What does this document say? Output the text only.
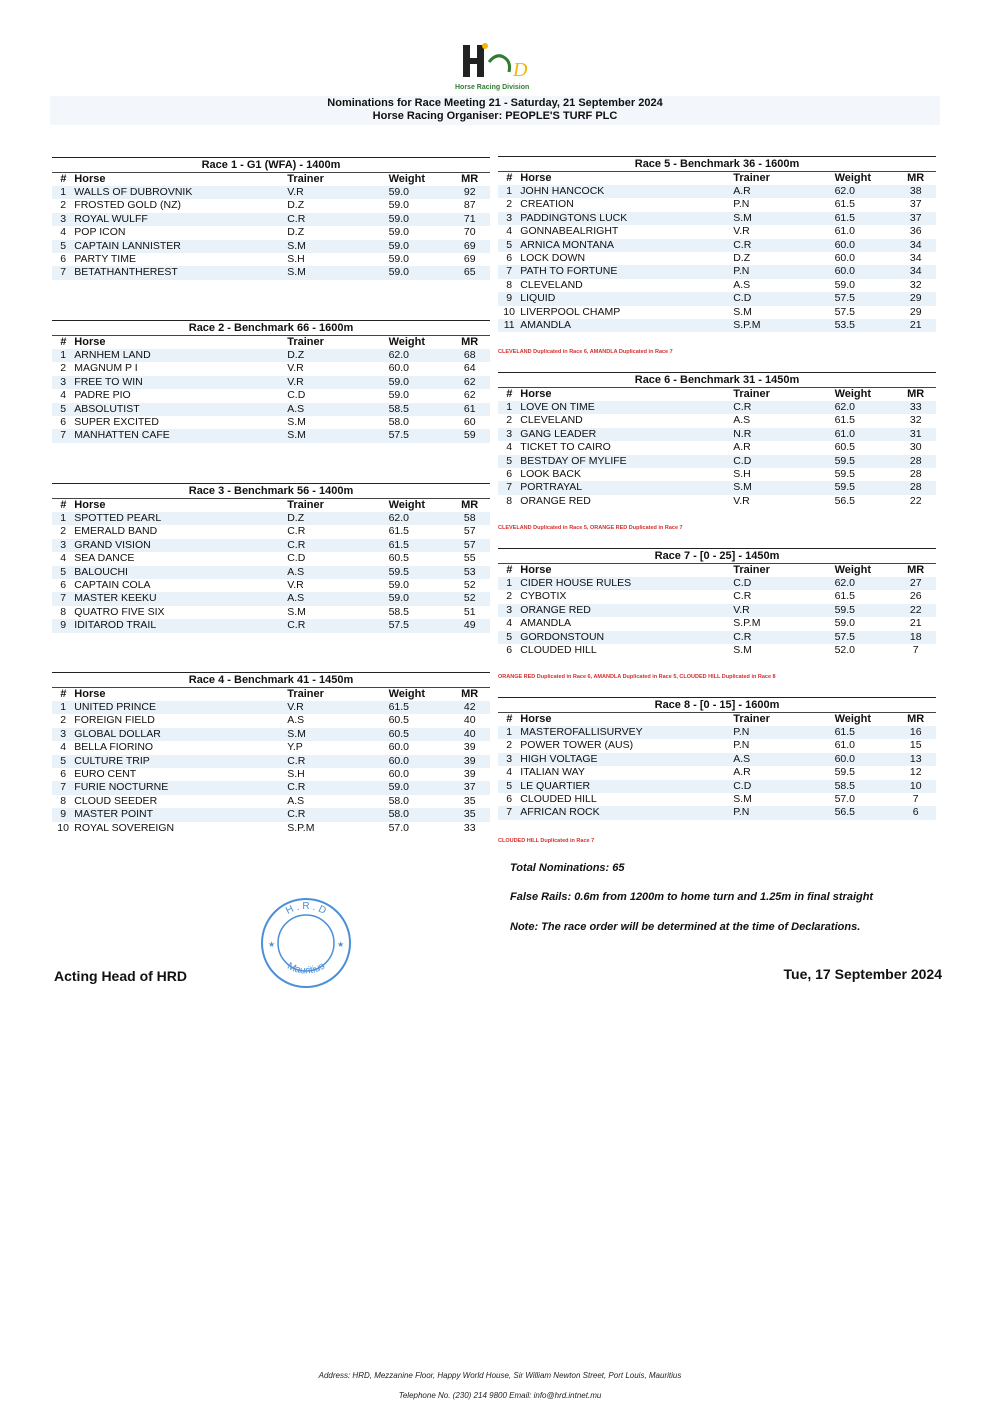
D
Horse Racing Division
Nominations for Race Meeting 21 - Saturday, 21 September 2024
Horse Racing Organiser: PEOPLE'S TURF PLC
Race 1 - G1 (WFA) - 1400m
#	Horse	Trainer	Weight	MR
1	WALLS OF DUBROVNIK	V.R	59.0	92
2	FROSTED GOLD (NZ)	D.Z	59.0	87
3	ROYAL WULFF	C.R	59.0	71
4	POP ICON	D.Z	59.0	70
5	CAPTAIN LANNISTER	S.M	59.0	69
6	PARTY TIME	S.H	59.0	69
7	BETATHANTHEREST	S.M	59.0	65
Race 2 - Benchmark 66 - 1600m
#	Horse	Trainer	Weight	MR
1	ARNHEM LAND	D.Z	62.0	68
2	MAGNUM P I	V.R	60.0	64
3	FREE TO WIN	V.R	59.0	62
4	PADRE PIO	C.D	59.0	62
5	ABSOLUTIST	A.S	58.5	61
6	SUPER EXCITED	S.M	58.0	60
7	MANHATTEN CAFE	S.M	57.5	59
Race 3 - Benchmark 56 - 1400m
#	Horse	Trainer	Weight	MR
1	SPOTTED PEARL	D.Z	62.0	58
2	EMERALD BAND	C.R	61.5	57
3	GRAND VISION	C.R	61.5	57
4	SEA DANCE	C.D	60.5	55
5	BALOUCHI	A.S	59.5	53
6	CAPTAIN COLA	V.R	59.0	52
7	MASTER KEEKU	A.S	59.0	52
8	QUATRO FIVE SIX	S.M	58.5	51
9	IDITAROD TRAIL	C.R	57.5	49
Race 4 - Benchmark 41 - 1450m
#	Horse	Trainer	Weight	MR
1	UNITED PRINCE	V.R	61.5	42
2	FOREIGN FIELD	A.S	60.5	40
3	GLOBAL DOLLAR	S.M	60.5	40
4	BELLA FIORINO	Y.P	60.0	39
5	CULTURE TRIP	C.R	60.0	39
6	EURO CENT	S.H	60.0	39
7	FURIE NOCTURNE	C.R	59.0	37
8	CLOUD SEEDER	A.S	58.0	35
9	MASTER POINT	C.R	58.0	35
10	ROYAL SOVEREIGN	S.P.M	57.0	33
Race 5 - Benchmark 36 - 1600m
#	Horse	Trainer	Weight	MR
1	JOHN HANCOCK	A.R	62.0	38
2	CREATION	P.N	61.5	37
3	PADDINGTONS LUCK	S.M	61.5	37
4	GONNABEALRIGHT	V.R	61.0	36
5	ARNICA MONTANA	C.R	60.0	34
6	LOCK DOWN	D.Z	60.0	34
7	PATH TO FORTUNE	P.N	60.0	34
8	CLEVELAND	A.S	59.0	32
9	LIQUID	C.D	57.5	29
10	LIVERPOOL CHAMP	S.M	57.5	29
11	AMANDLA	S.P.M	53.5	21
Race 6 - Benchmark 31 - 1450m
#	Horse	Trainer	Weight	MR
1	LOVE ON TIME	C.R	62.0	33
2	CLEVELAND	A.S	61.5	32
3	GANG LEADER	N.R	61.0	31
4	TICKET TO CAIRO	A.R	60.5	30
5	BESTDAY OF MYLIFE	C.D	59.5	28
6	LOOK BACK	S.H	59.5	28
7	PORTRAYAL	S.M	59.5	28
8	ORANGE RED	V.R	56.5	22
Race 7 - [0 - 25] - 1450m
#	Horse	Trainer	Weight	MR
1	CIDER HOUSE RULES	C.D	62.0	27
2	CYBOTIX	C.R	61.5	26
3	ORANGE RED	V.R	59.5	22
4	AMANDLA	S.P.M	59.0	21
5	GORDONSTOUN	C.R	57.5	18
6	CLOUDED HILL	S.M	52.0	7
Race 8 - [0 - 15] - 1600m
#	Horse	Trainer	Weight	MR
1	MASTEROFALLISURVEY	P.N	61.5	16
2	POWER TOWER (AUS)	P.N	61.0	15
3	HIGH VOLTAGE	A.S	60.0	13
4	ITALIAN WAY	A.R	59.5	12
5	LE QUARTIER	C.D	58.5	10
6	CLOUDED HILL	S.M	57.0	7
7	AFRICAN ROCK	P.N	56.5	6
CLEVELAND Duplicated in Race 6, AMANDLA Duplicated in Race 7
CLEVELAND Duplicated in Race 5, ORANGE RED Duplicated in Race 7
ORANGE RED Duplicated in Race 6, AMANDLA Duplicated in Race 5, CLOUDED HILL Duplicated in Race 8
CLOUDED HILL Duplicated in Race 7
Total Nominations: 65
False Rails: 0.6m from 1200m to home turn and 1.25m in final straight
Note: The race order will be determined at the time of Declarations.
H . R . D
Mauritius
★	★
Acting Head of HRD	Tue, 17 September 2024
Address: HRD, Mezzanine Floor, Happy World House, Sir William Newton Street, Port Louis, Mauritius
Telephone No. (230) 214 9800 Email: info@hrd.intnet.mu
